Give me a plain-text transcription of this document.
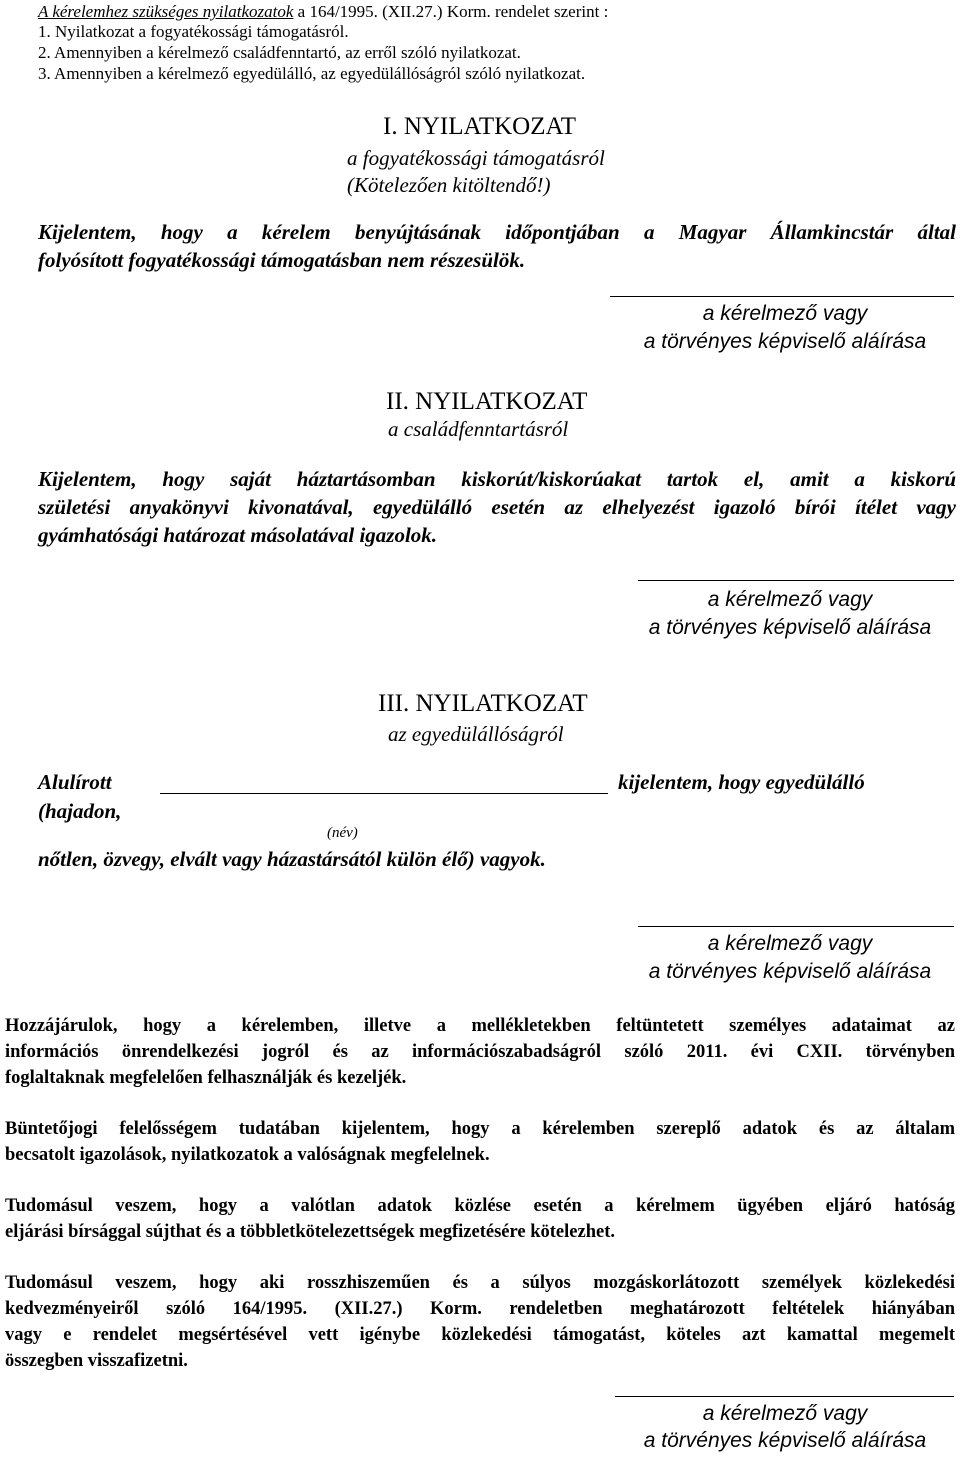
A kérelemhez szükséges nyilatkozatok a 164/1995. (XII.27.) Korm. rendelet szerint :
1. Nyilatkozat a fogyatékossági támogatásról.
2. Amennyiben a kérelmező családfenntartó, az erről szóló nyilatkozat.
3. Amennyiben a kérelmező egyedülálló, az egyedülállóságról szóló nyilatkozat.
I. NYILATKOZAT
a fogyatékossági támogatásról
(Kötelezően kitöltendő!)
Kijelentem, hogy a kérelem benyújtásának időpontjában a Magyar Államkincstár által
folyósított fogyatékossági támogatásban nem részesülök.
a kérelmező vagy
a törvényes képviselő aláírása
II. NYILATKOZAT
a családfenntartásról
Kijelentem, hogy saját háztartásomban kiskorút/kiskorúakat tartok el, amit a kiskorú
születési anyakönyvi kivonatával, egyedülálló esetén az elhelyezést igazoló bírói ítélet vagy
gyámhatósági határozat másolatával igazolok.
a kérelmező vagy
a törvényes képviselő aláírása
III. NYILATKOZAT
az egyedülállóságról
Alulírott	kijelentem, hogy egyedülálló
(hajadon,
(név)
nőtlen, özvegy, elvált vagy házastársától külön élő) vagyok.
a kérelmező vagy
a törvényes képviselő aláírása
Hozzájárulok, hogy a kérelemben, illetve a mellékletekben feltüntetett személyes adataimat az
információs önrendelkezési jogról és az információszabadságról szóló 2011. évi CXII. törvényben
foglaltaknak megfelelően felhasználják és kezeljék.
Büntetőjogi felelősségem tudatában kijelentem, hogy a kérelemben szereplő adatok és az általam
becsatolt igazolások, nyilatkozatok a valóságnak megfelelnek.
Tudomásul veszem, hogy a valótlan adatok közlése esetén a kérelmem ügyében eljáró hatóság
eljárási bírsággal sújthat és a többletkötelezettségek megfizetésére kötelezhet.
Tudomásul veszem, hogy aki rosszhiszeműen és a súlyos mozgáskorlátozott személyek közlekedési
kedvezményeiről szóló 164/1995. (XII.27.) Korm. rendeletben meghatározott feltételek hiányában
vagy e rendelet megsértésével vett igénybe közlekedési támogatást, köteles azt kamattal megemelt
összegben visszafizetni.
a kérelmező vagy
a törvényes képviselő aláírása
